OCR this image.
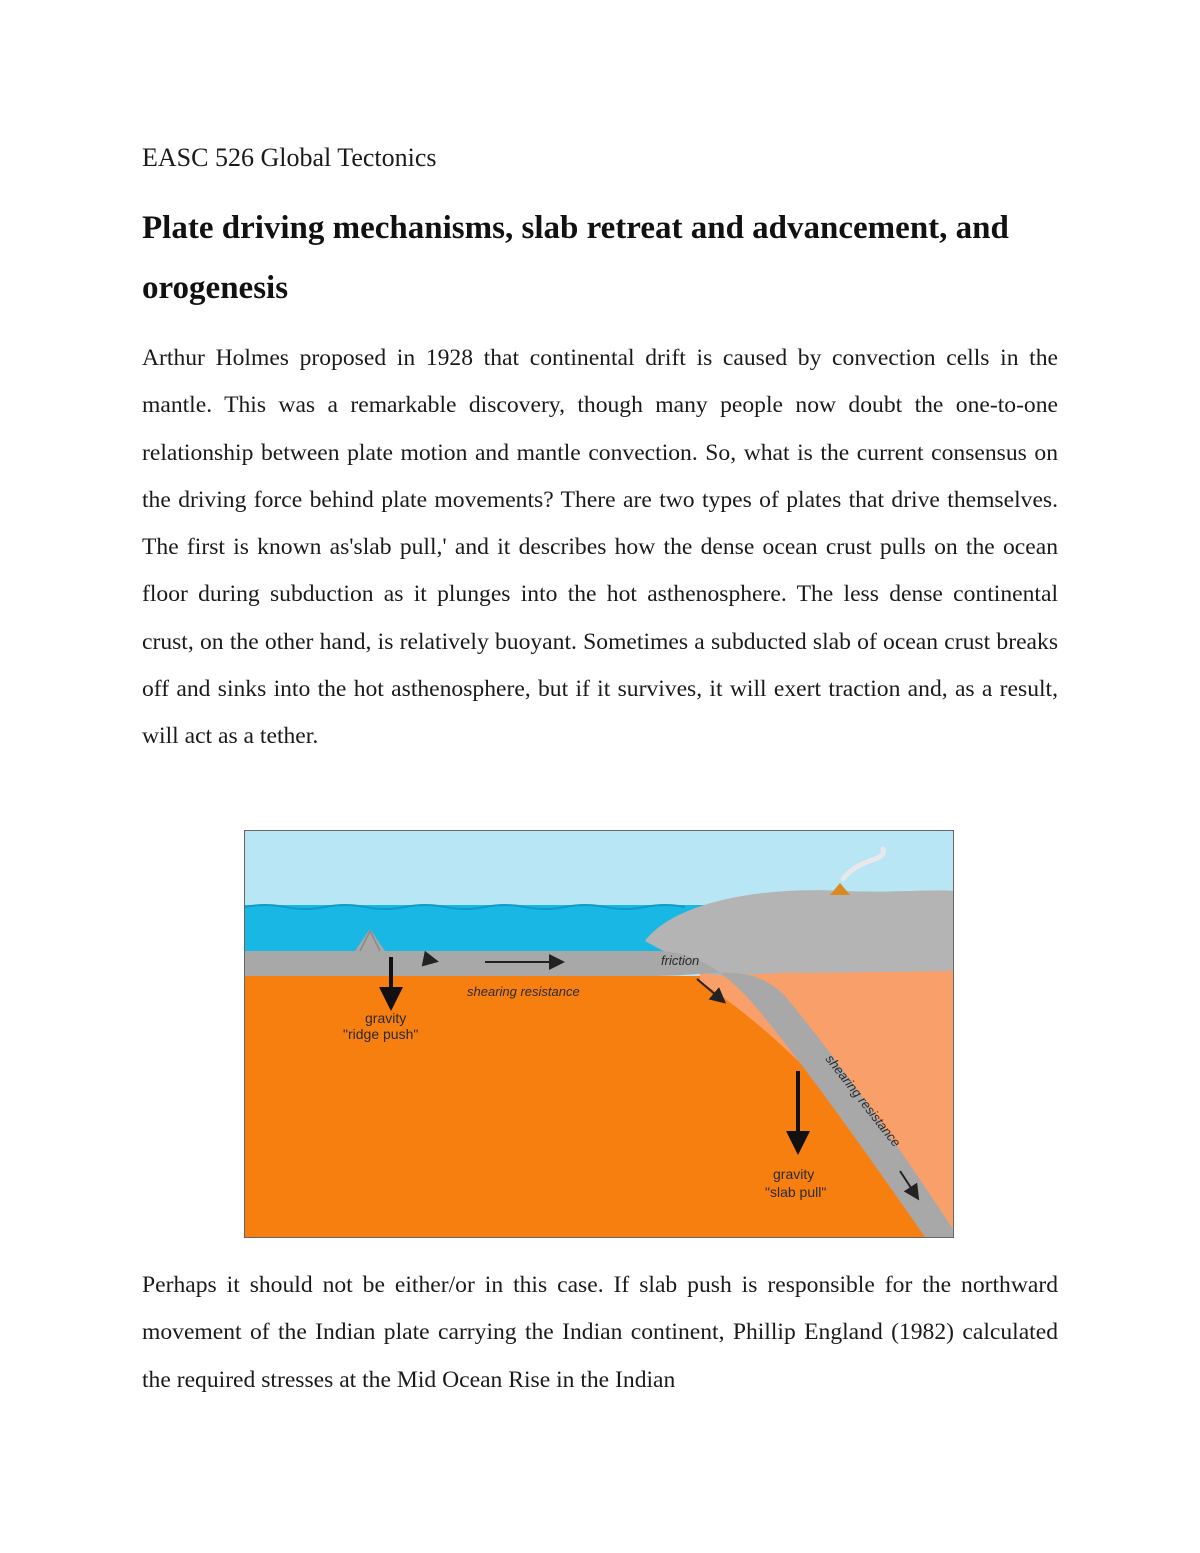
EASC 526 Global Tectonics

Plate driving mechanisms, slab retreat and advancement, and orogenesis

Arthur Holmes proposed in 1928 that continental drift is caused by convection cells in the mantle. This was a remarkable discovery, though many people now doubt the one-to-one relationship between plate motion and mantle convection. So, what is the current consensus on the driving force behind plate movements? There are two types of plates that drive themselves. The first is known as'slab pull,' and it describes how the dense ocean crust pulls on the ocean floor during subduction as it plunges into the hot asthenosphere. The less dense continental crust, on the other hand, is relatively buoyant. Sometimes a subducted slab of ocean crust breaks off and sinks into the hot asthenosphere, but if it survives, it will exert traction and, as a result, will act as a tether.

friction
shearing resistance
shearing resistance
gravity
"ridge push"
gravity
"slab pull"

Perhaps it should not be either/or in this case. If slab push is responsible for the northward movement of the Indian plate carrying the Indian continent, Phillip England (1982) calculated the required stresses at the Mid Ocean Rise in the Indian
